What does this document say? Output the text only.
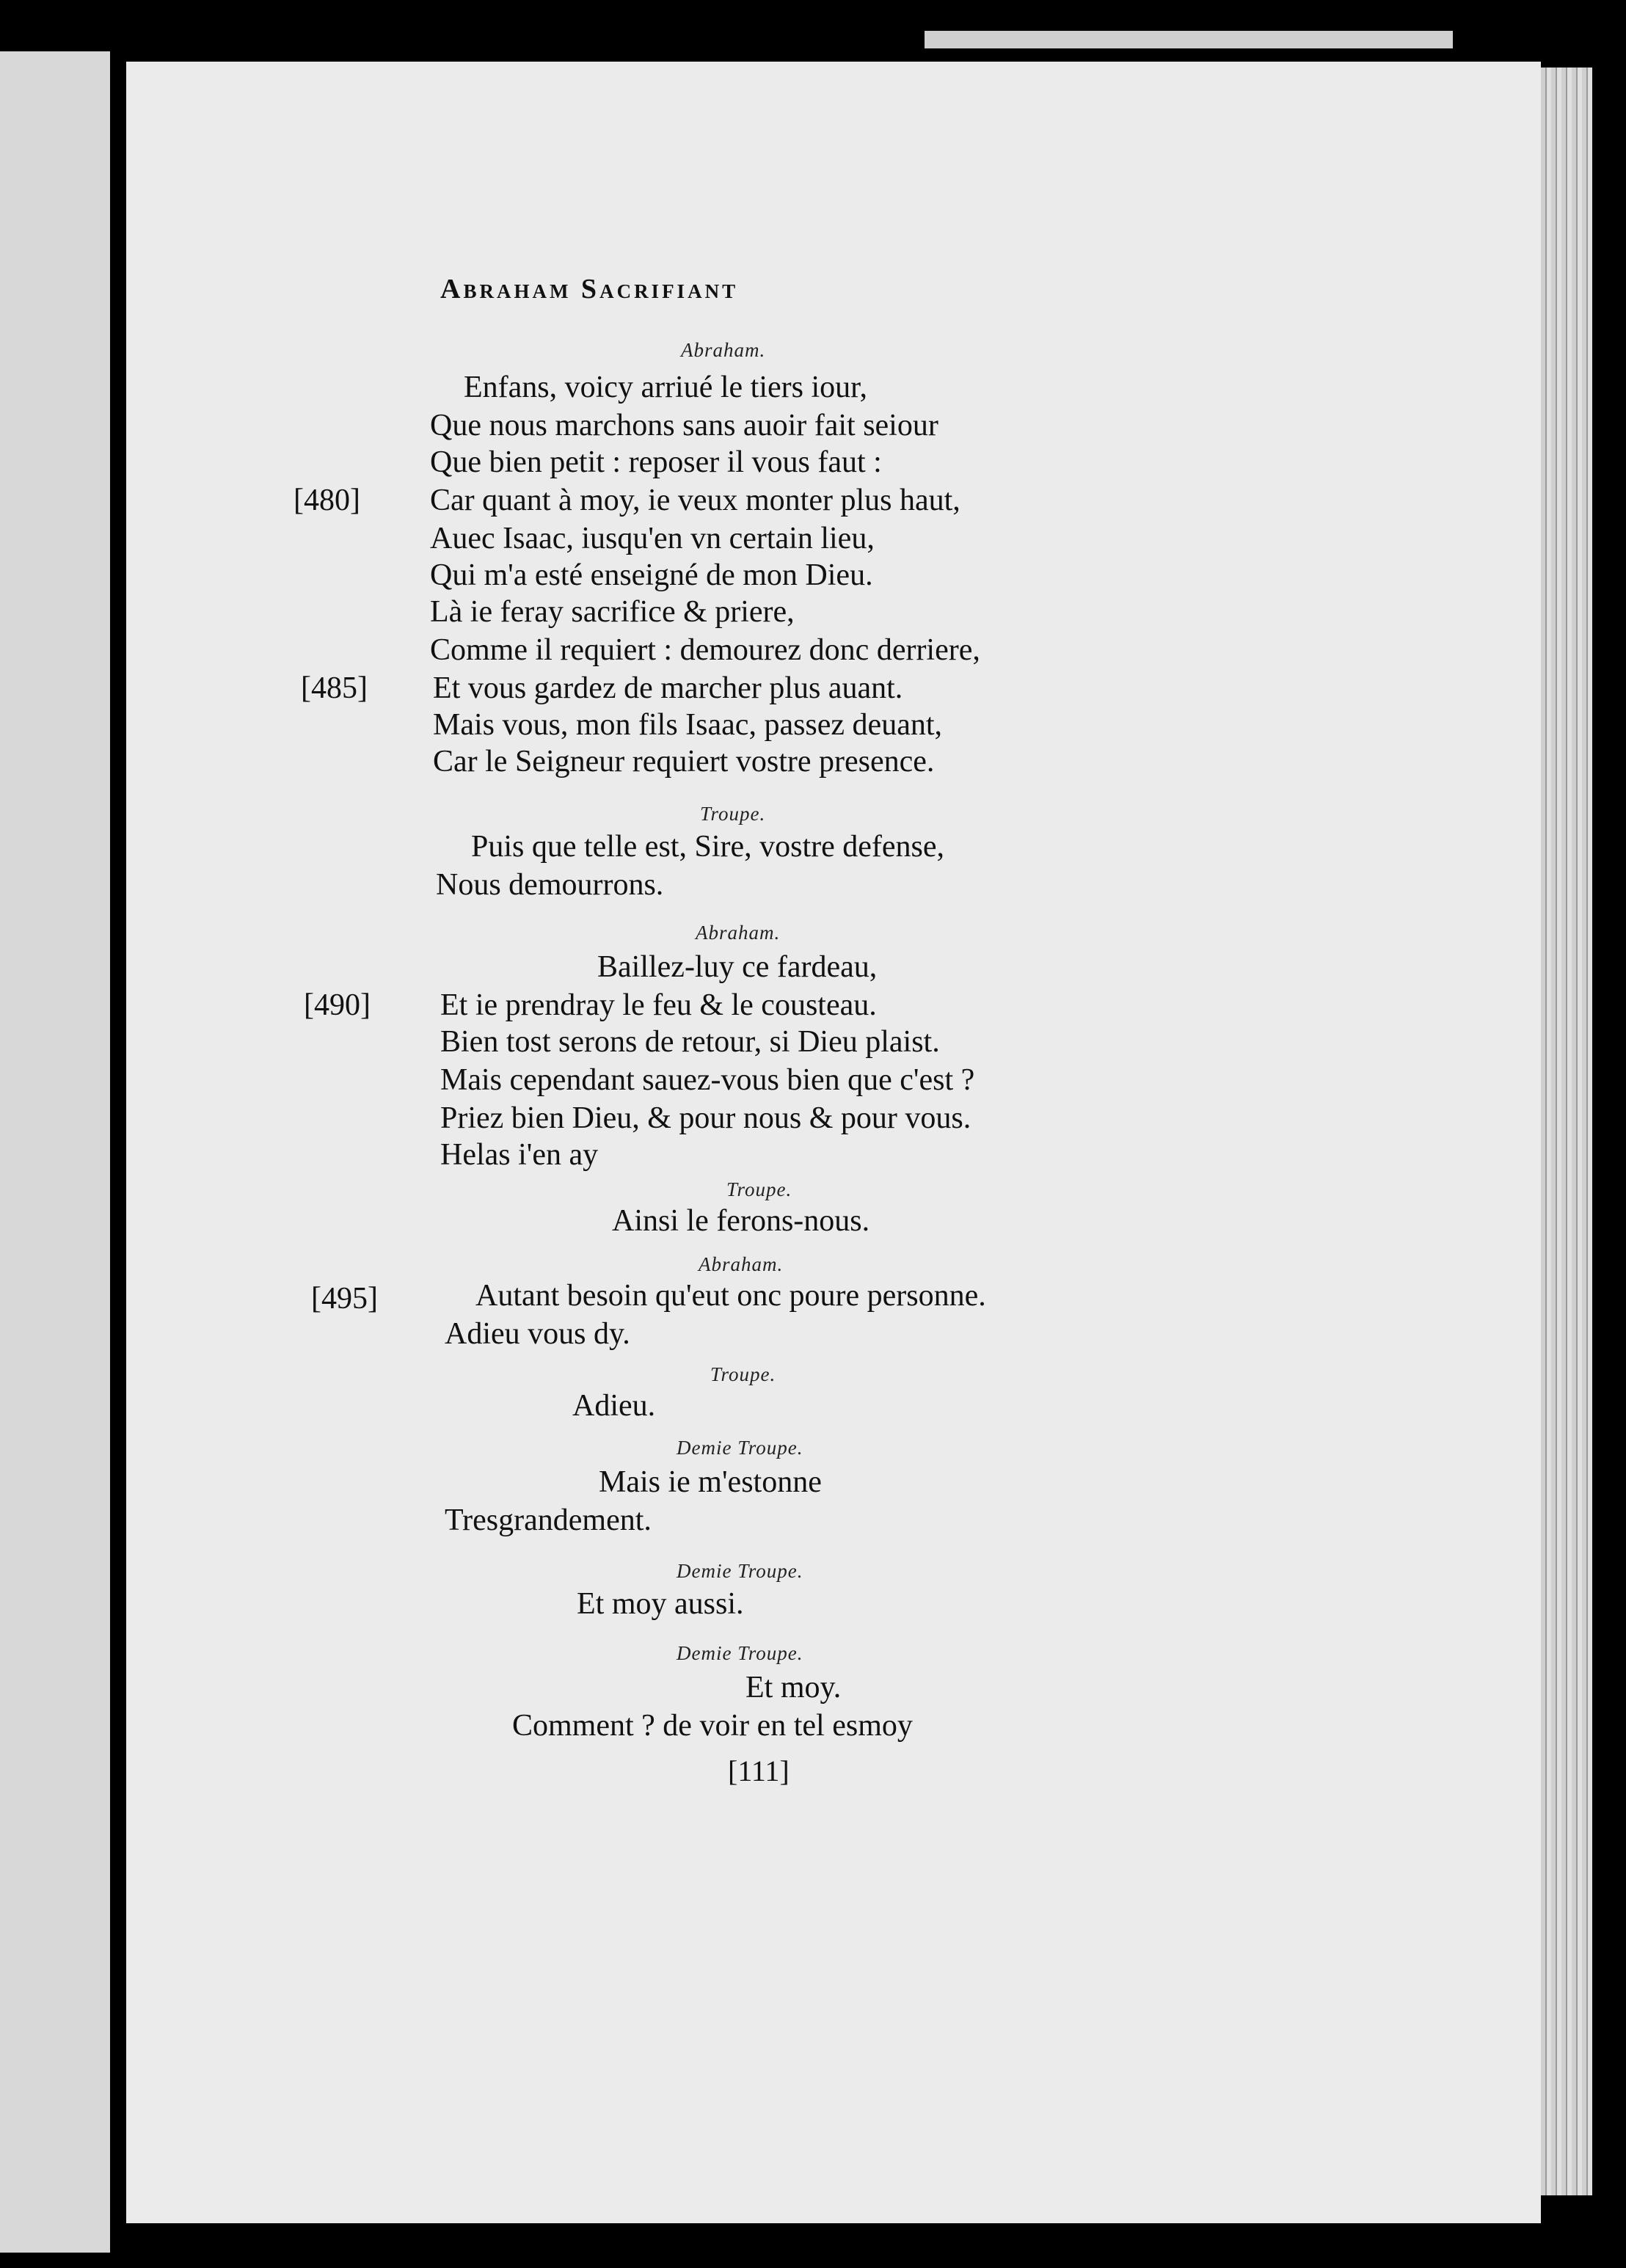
Abraham Sacrifiant
Abraham.
Enfans, voicy arriué le tiers iour,
Que nous marchons sans auoir fait seiour
Que bien petit : reposer il vous faut :
[480] Car quant à moy, ie veux monter plus haut,
Auec Isaac, iusqu'en vn certain lieu,
Qui m'a esté enseigné de mon Dieu.
Là ie feray sacrifice & priere,
Comme il requiert : demourez donc derriere,
[485] Et vous gardez de marcher plus auant.
Mais vous, mon fils Isaac, passez deuant,
Car le Seigneur requiert vostre presence.
Troupe.
Puis que telle est, Sire, vostre defense,
Nous demourrons.
Abraham.
Baillez-luy ce fardeau,
[490] Et ie prendray le feu & le cousteau.
Bien tost serons de retour, si Dieu plaist.
Mais cependant sauez-vous bien que c'est ?
Priez bien Dieu, & pour nous & pour vous.
Helas i'en ay
Troupe.
Ainsi le ferons-nous.
Abraham.
[495]	Autant besoin qu'eut onc poure personne.
Adieu vous dy.
Troupe.
Adieu.
Demie Troupe.
Mais ie m'estonne
Tresgrandement.
Demie Troupe.
Et moy aussi.
Demie Troupe.
Et moy.
Comment ? de voir en tel esmoy
[111]
